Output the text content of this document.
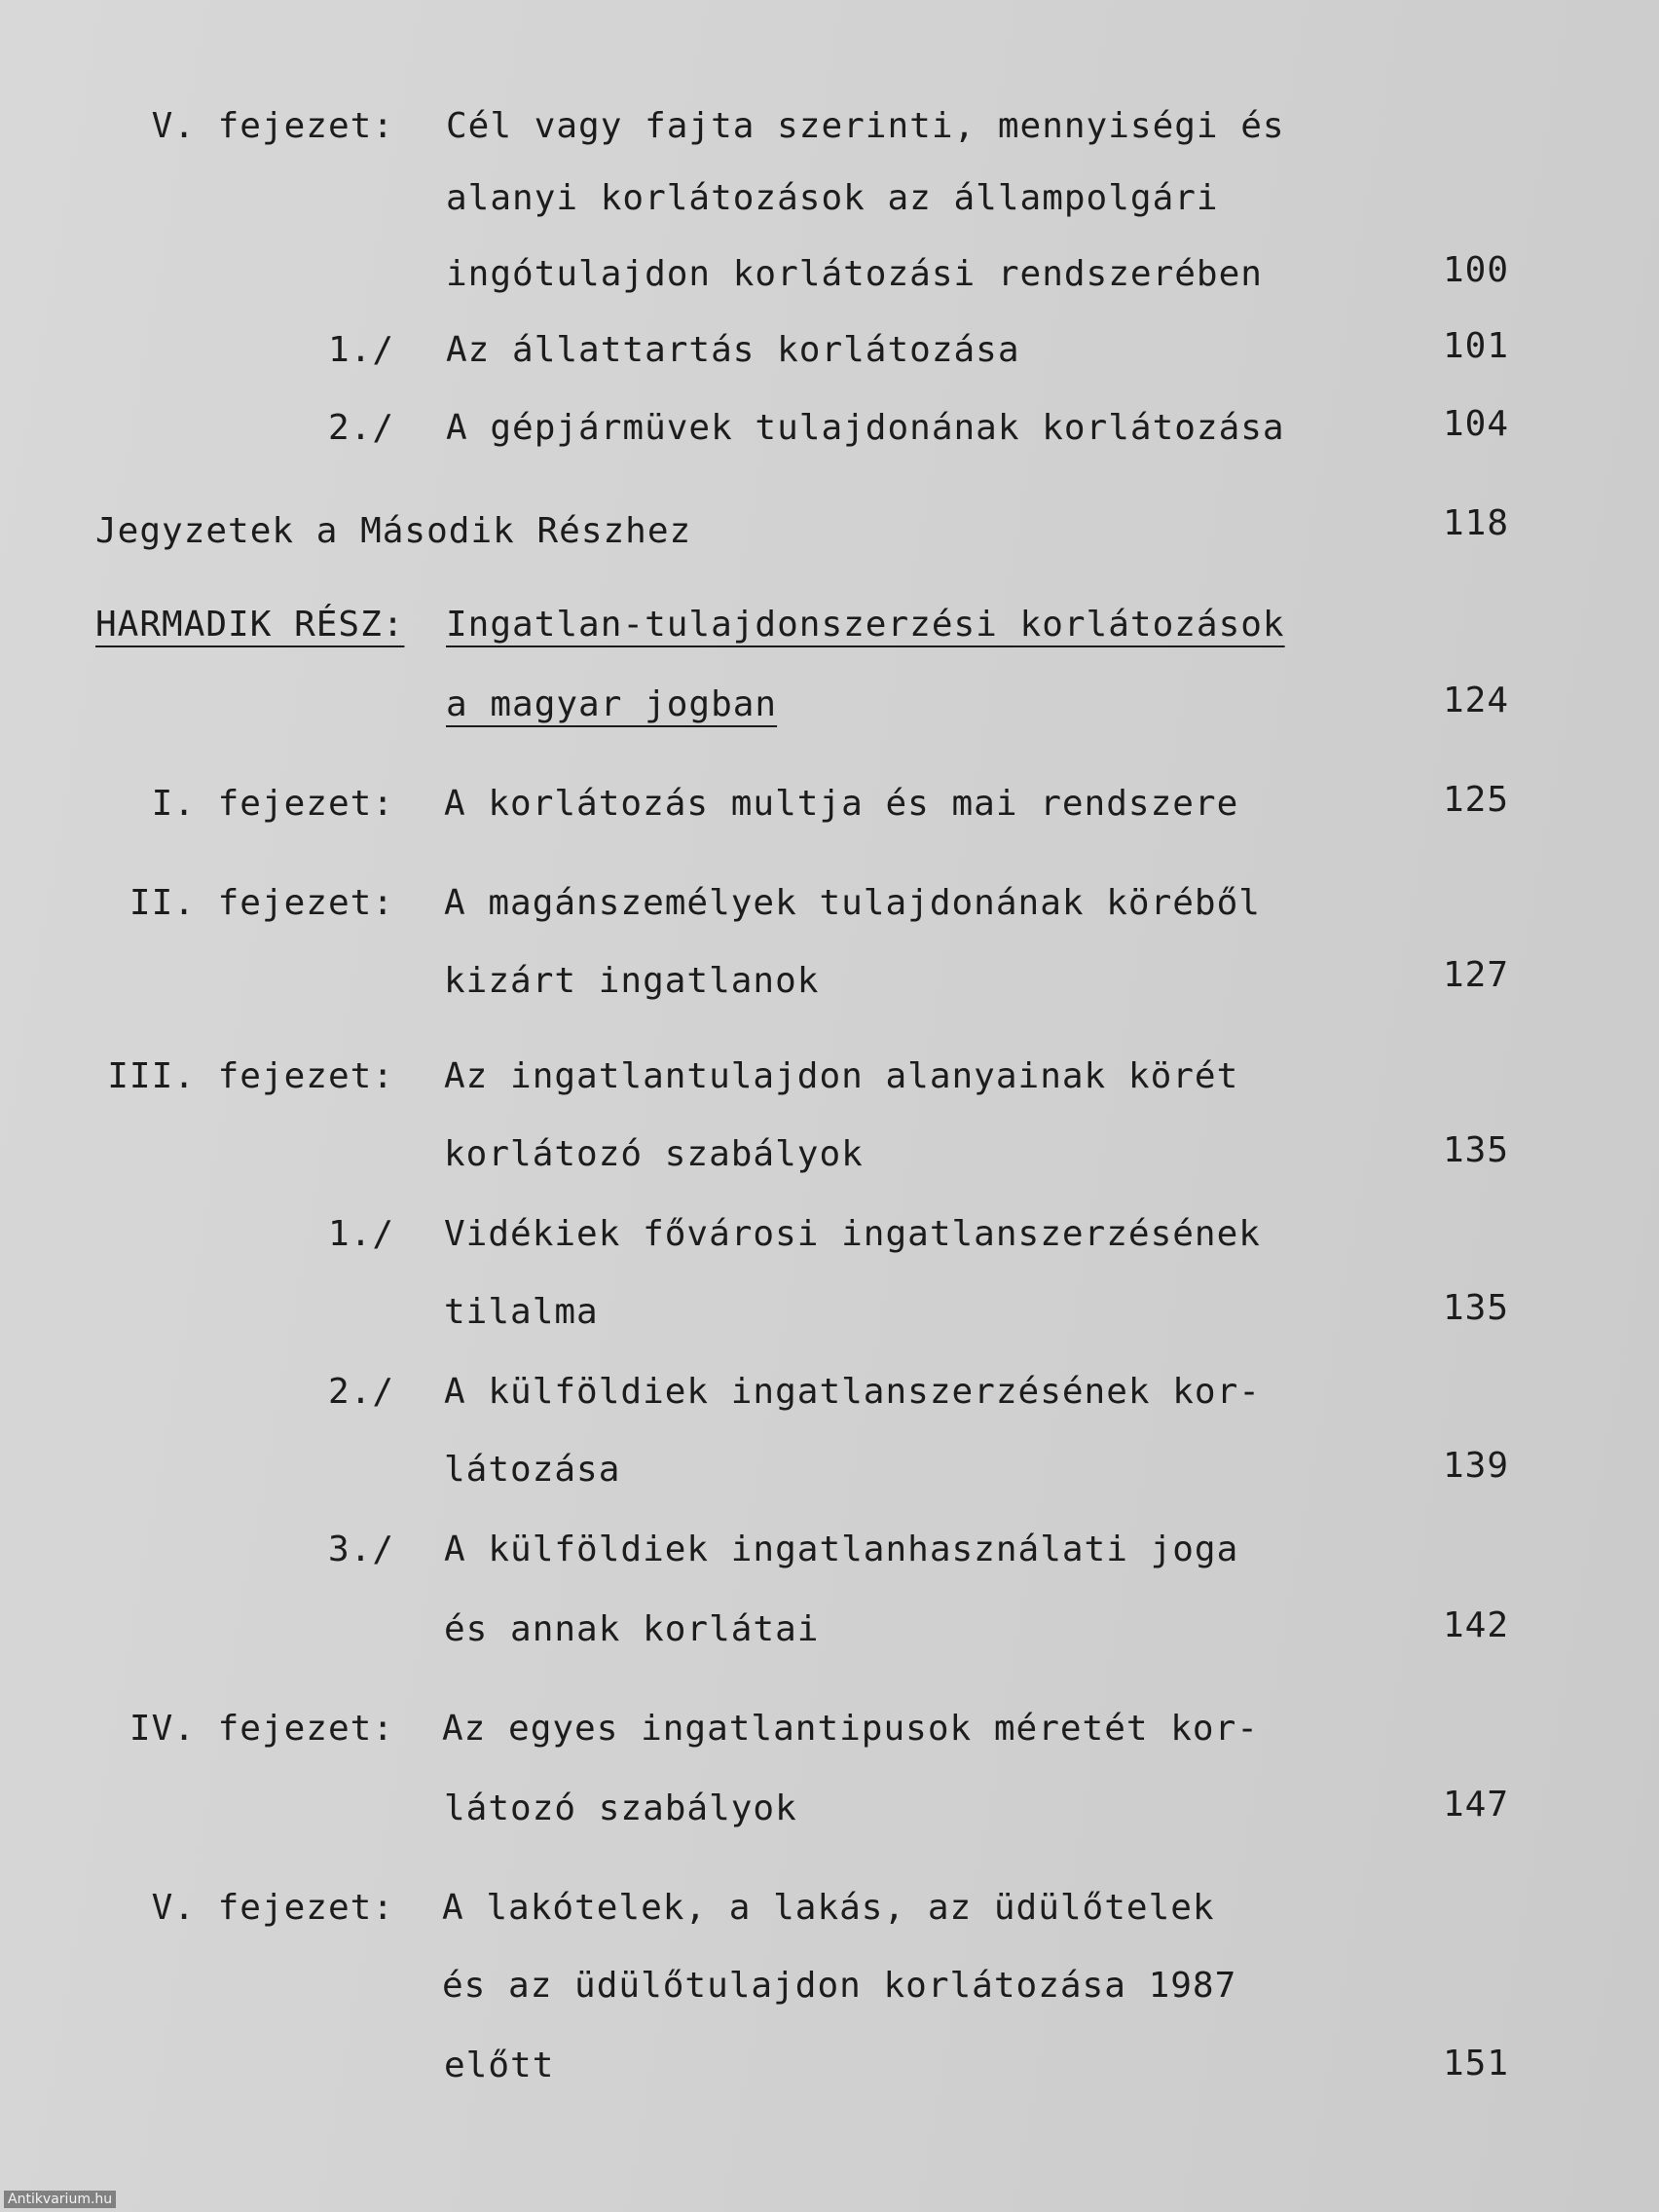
V. fejezet: Cél vagy fajta szerinti, mennyiségi és
alanyi korlátozások az állampolgári
ingótulajdon korlátozási rendszerében	100
1./ Az állattartás korlátozása	101
2./ A gépjármüvek tulajdonának korlátozása	104
Jegyzetek a Második Részhez	118
HARMADIK RÉSZ: Ingatlan-tulajdonszerzési korlátozások
a magyar jogban	124
I. fejezet: A korlátozás multja és mai rendszere	125
II. fejezet: A magánszemélyek tulajdonának köréből
kizárt ingatlanok	127
III. fejezet: Az ingatlantulajdon alanyainak körét
korlátozó szabályok	135
1./ Vidékiek fővárosi ingatlanszerzésének
tilalma	135
2./ A külföldiek ingatlanszerzésének kor-
látozása	139
3./ A külföldiek ingatlanhasználati joga
és annak korlátai	142
IV. fejezet: Az egyes ingatlantipusok méretét kor-
látozó szabályok	147
V. fejezet: A lakótelek, a lakás, az üdülőtelek
és az üdülőtulajdon korlátozása 1987
előtt	151
Antikvarium.hu
